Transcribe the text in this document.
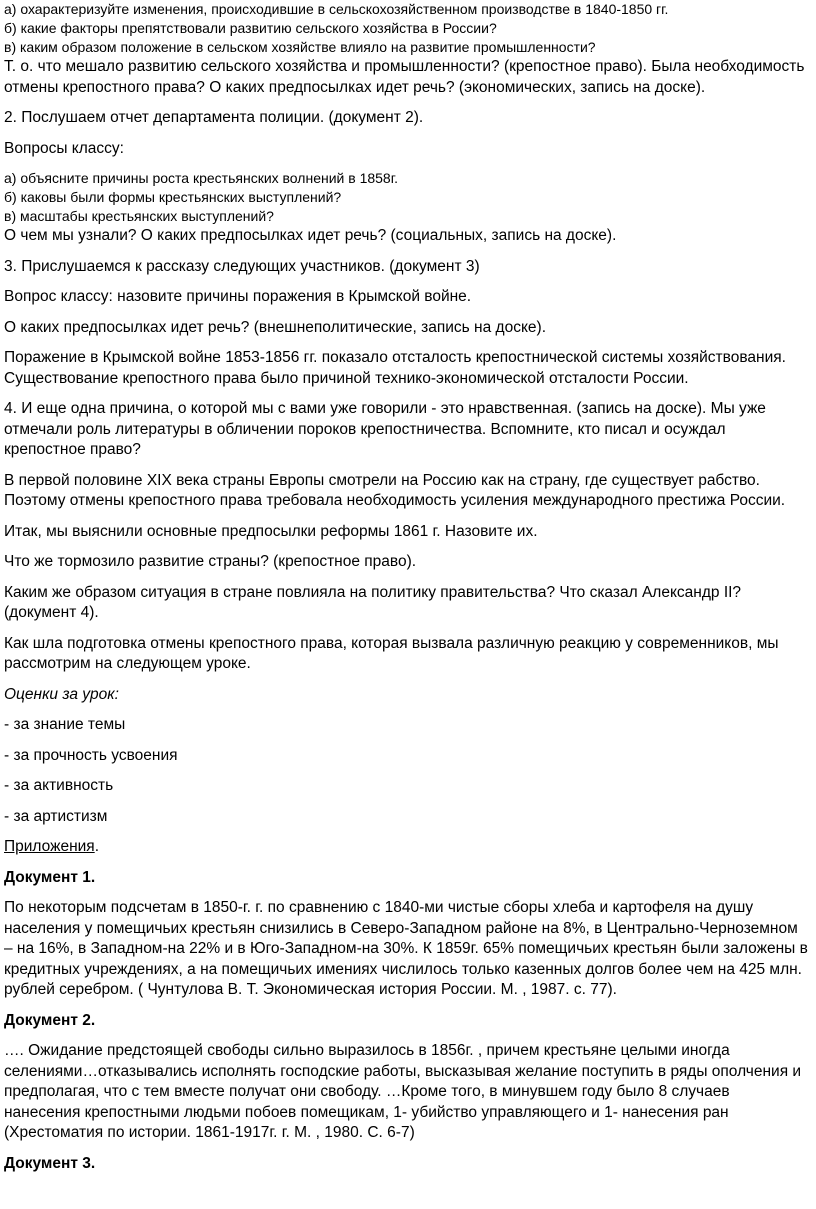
а) охарактеризуйте изменения, происходившие в сельскохозяйственном производстве в 1840-1850 гг.
б) какие факторы препятствовали развитию сельского хозяйства в России?
в) каким образом положение в сельском хозяйстве влияло на развитие промышленности?

Т. о. что мешало развитию сельского хозяйства и промышленности? (крепостное право). Была необходимость отмены крепостного права? О каких предпосылках идет речь? (экономических, запись на доске).

2. Послушаем отчет департамента полиции. (документ 2).

Вопросы классу:

а) объясните причины роста крестьянских волнений в 1858г.
б) каковы были формы крестьянских выступлений?
в) масштабы крестьянских выступлений?

О чем мы узнали? О каких предпосылках идет речь? (социальных, запись на доске).

3. Прислушаемся к рассказу следующих участников. (документ 3)

Вопрос классу: назовите причины поражения в Крымской войне.

О каких предпосылках идет речь? (внешнеполитические, запись на доске).

Поражение в Крымской войне 1853-1856 гг. показало отсталость крепостнической системы хозяйствования. Существование крепостного права было причиной технико-экономической отсталости России.

4. И еще одна причина, о которой мы с вами уже говорили - это нравственная. (запись на доске). Мы уже отмечали роль литературы в обличении пороков крепостничества. Вспомните, кто писал и осуждал крепостное право?

В первой половине XIX века страны Европы смотрели на Россию как на страну, где существует рабство. Поэтому отмены крепостного права требовала необходимость усиления международного престижа России.

Итак, мы выяснили основные предпосылки реформы 1861 г. Назовите их.

Что же тормозило развитие страны? (крепостное право).

Каким же образом ситуация в стране повлияла на политику правительства? Что сказал Александр II?(документ 4).

Как шла подготовка отмены крепостного права, которая вызвала различную реакцию у современников, мы рассмотрим на следующем уроке.

Оценки за урок:

- за знание темы

- за прочность усвоения

- за активность

- за артистизм

Приложения.

Документ 1.

По некоторым подсчетам в 1850-г. г. по сравнению с 1840-ми чистые сборы хлеба и картофеля на душу населения у помещичьих крестьян снизились в Северо-Западном районе на 8%, в Центрально-Черноземном – на 16%, в Западном-на 22% и в Юго-Западном-на 30%. К 1859г. 65% помещичьих крестьян были заложены в кредитных учреждениях, а на помещичьих имениях числилось только казенных долгов более чем на 425 млн. рублей серебром. ( Чунтулова В. Т. Экономическая история России. М. , 1987. с. 77).

Документ 2.

…. Ожидание предстоящей свободы сильно выразилось в 1856г. , причем крестьяне целыми иногда селениями…отказывались исполнять господские работы, высказывая желание поступить в ряды ополчения и предполагая, что с тем вместе получат они свободу. …Кроме того, в минувшем году было 8 случаев нанесения крепостными людьми побоев помещикам, 1- убийство управляющего и 1- нанесения ран (Хрестоматия по истории. 1861-1917г. г. М. , 1980. С. 6-7)

Документ 3.
